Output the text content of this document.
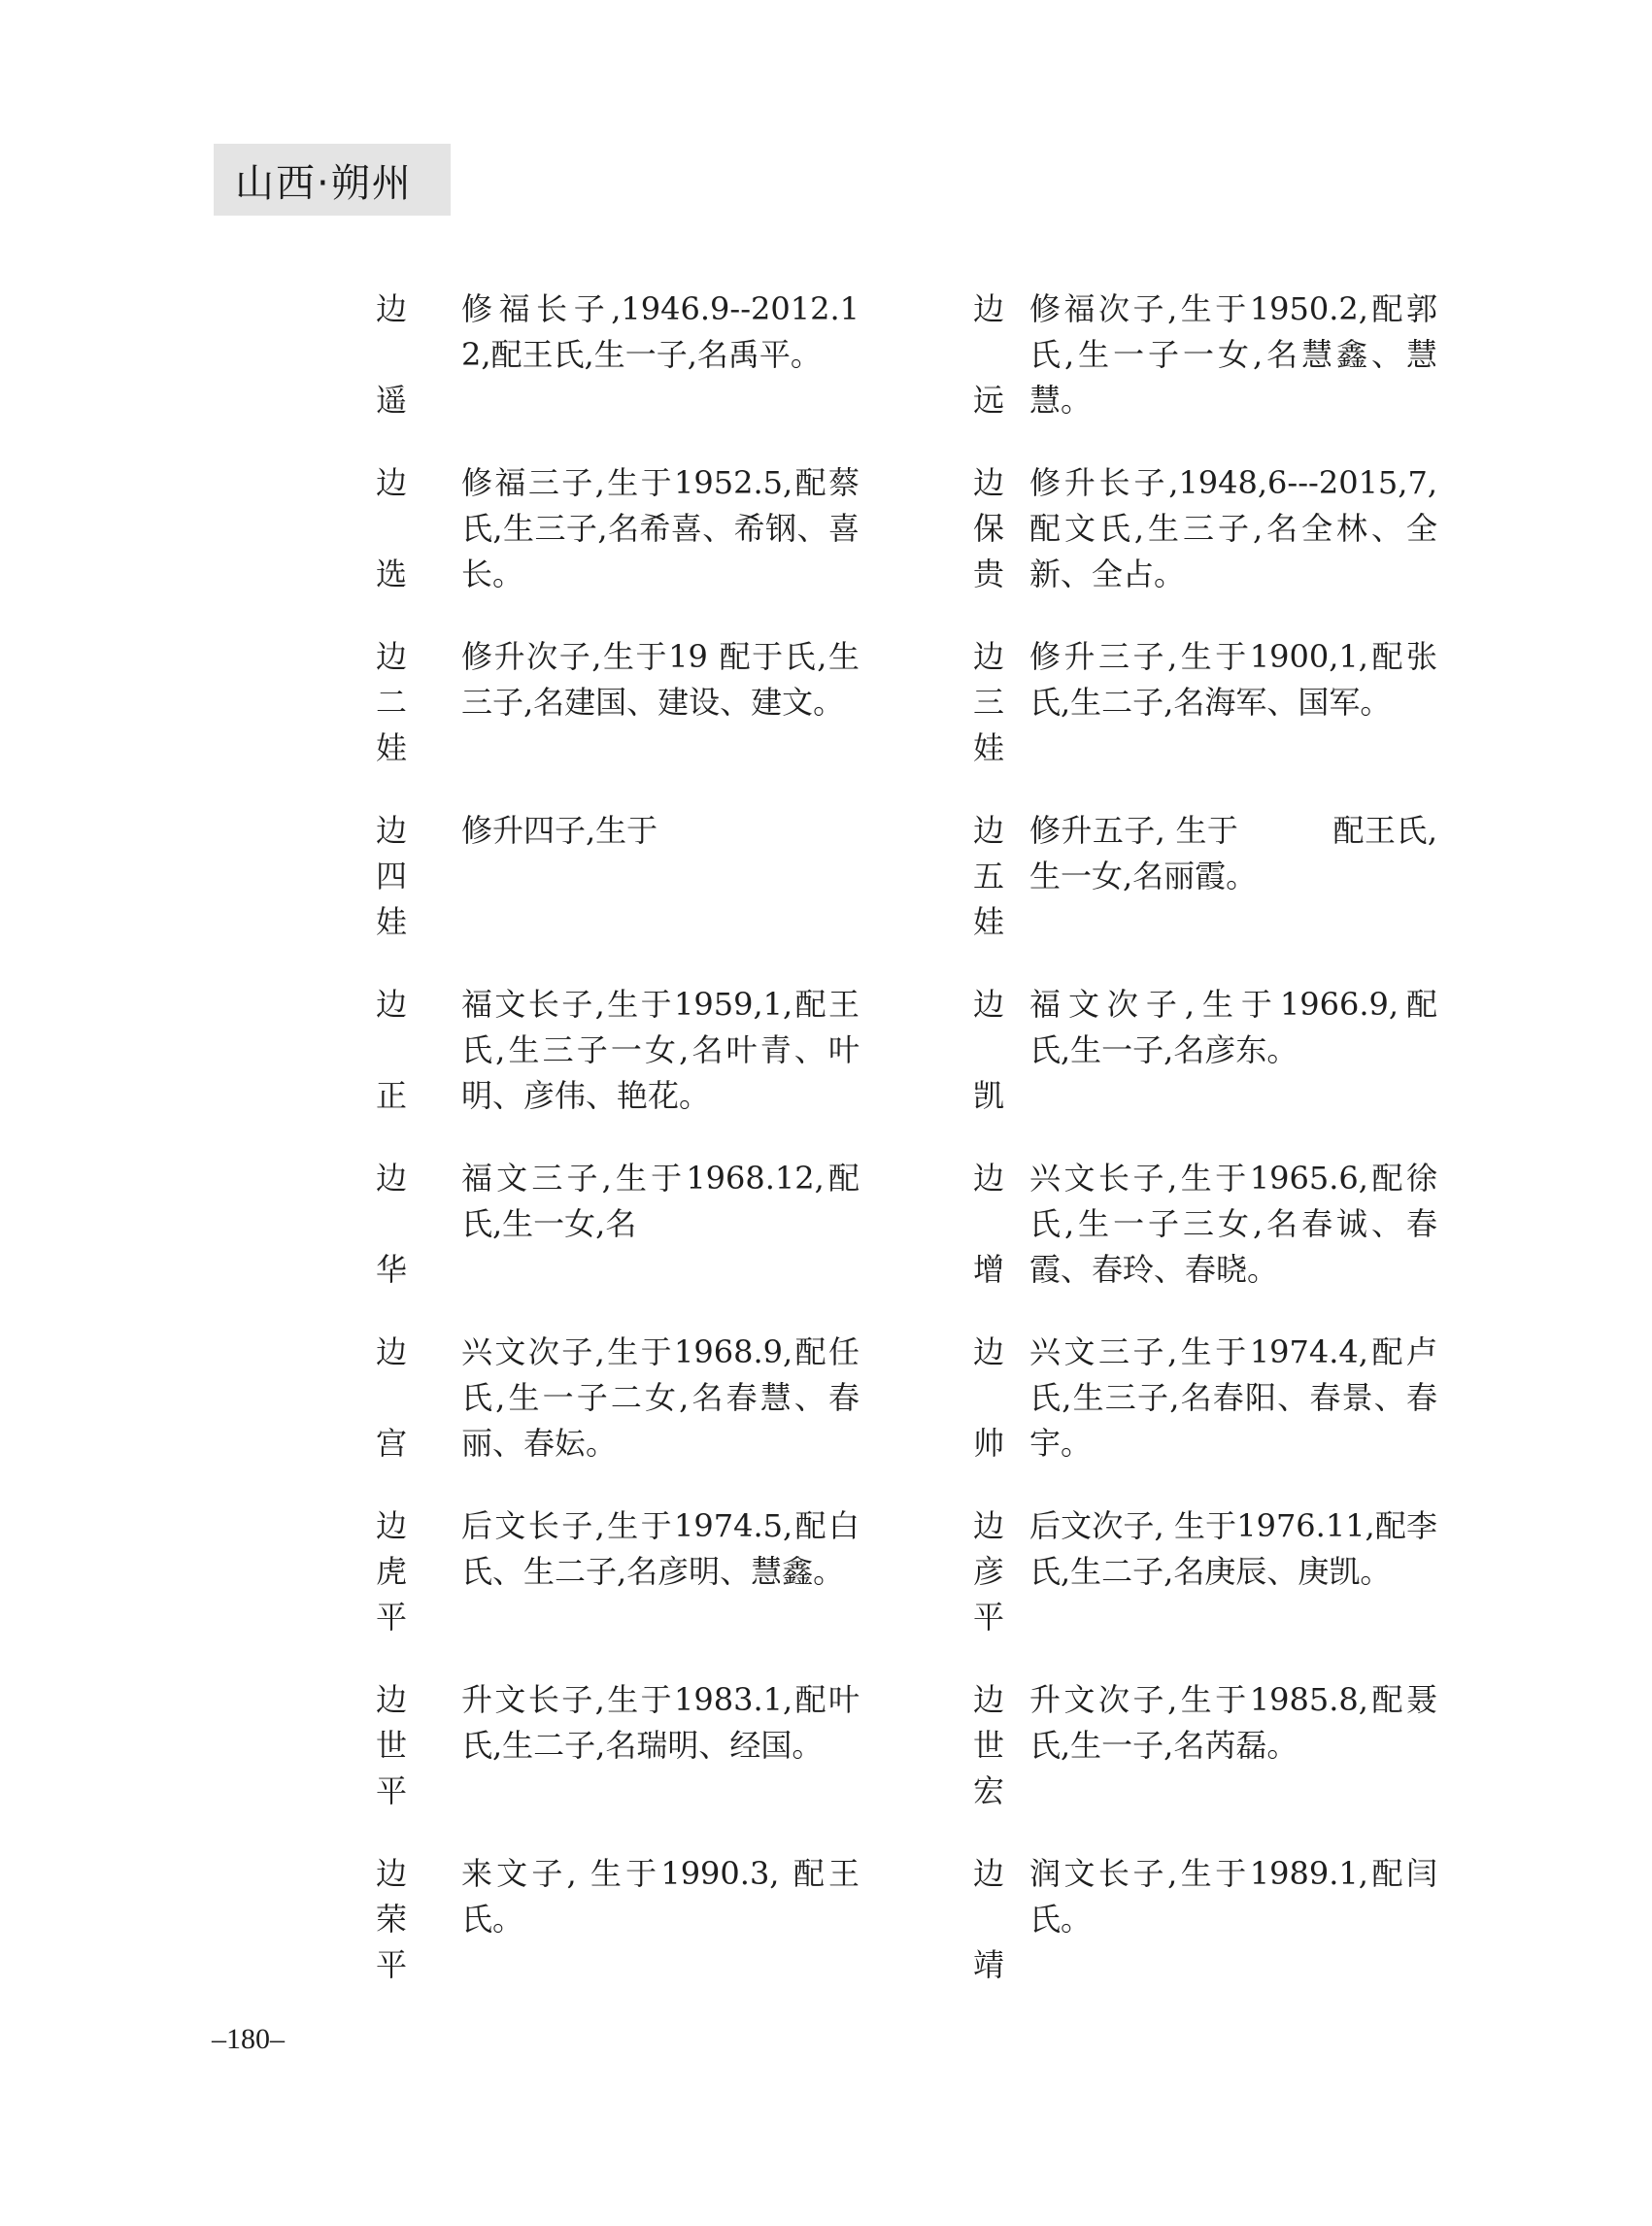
山西·朔州
边
遥
修福长子,1946.9--2012.12,配王氏,生一子,名禹平。
边
远
修福次子,生于1950.2,配郭氏,生一子一女,名慧鑫、慧慧。
边
选
修福三子,生于1952.5,配蔡氏,生三子,名希喜、希钢、喜长。
边
保
贵
修升长子,1948,6---2015,7,配文氏,生三子,名全林、全新、全占。
边
二
娃
修升次子,生于19 配于氏,生三子,名建国、建设、建文。
边
三
娃
修升三子,生于1900,1,配张氏,生二子,名海军、国军。
边
四
娃
修升四子,生于	边
五
娃
修升五子, 生于　　　配王氏,生一女,名丽霞。
边
正
福文长子,生于1959,1,配王氏,生三子一女,名叶青、叶明、彦伟、艳花。
边
凯
福文次子,生于1966.9,配　氏,生一子,名彦东。
边
华
福文三子,生于1968.12,配　氏,生一女,名
边
增
兴文长子,生于1965.6,配徐氏,生一子三女,名春诚、春霞、春玲、春晓。
边
宫
兴文次子,生于1968.9,配任氏,生一子二女,名春慧、春丽、春妘。
边
帅
兴文三子,生于1974.4,配卢氏,生三子,名春阳、春景、春宇。
边
虎
平
后文长子,生于1974.5,配白氏、生二子,名彦明、慧鑫。
边
彦
平
后文次子, 生于1976.11,配李氏,生二子,名庚辰、庚凯。
边
世
平
升文长子,生于1983.1,配叶氏,生二子,名瑞明、经国。
边
世
宏
升文次子,生于1985.8,配聂氏,生一子,名芮磊。
边
荣
平
来文子, 生于1990.3, 配王氏。
边
靖
润文长子,生于1989.1,配闫氏。
–180–
